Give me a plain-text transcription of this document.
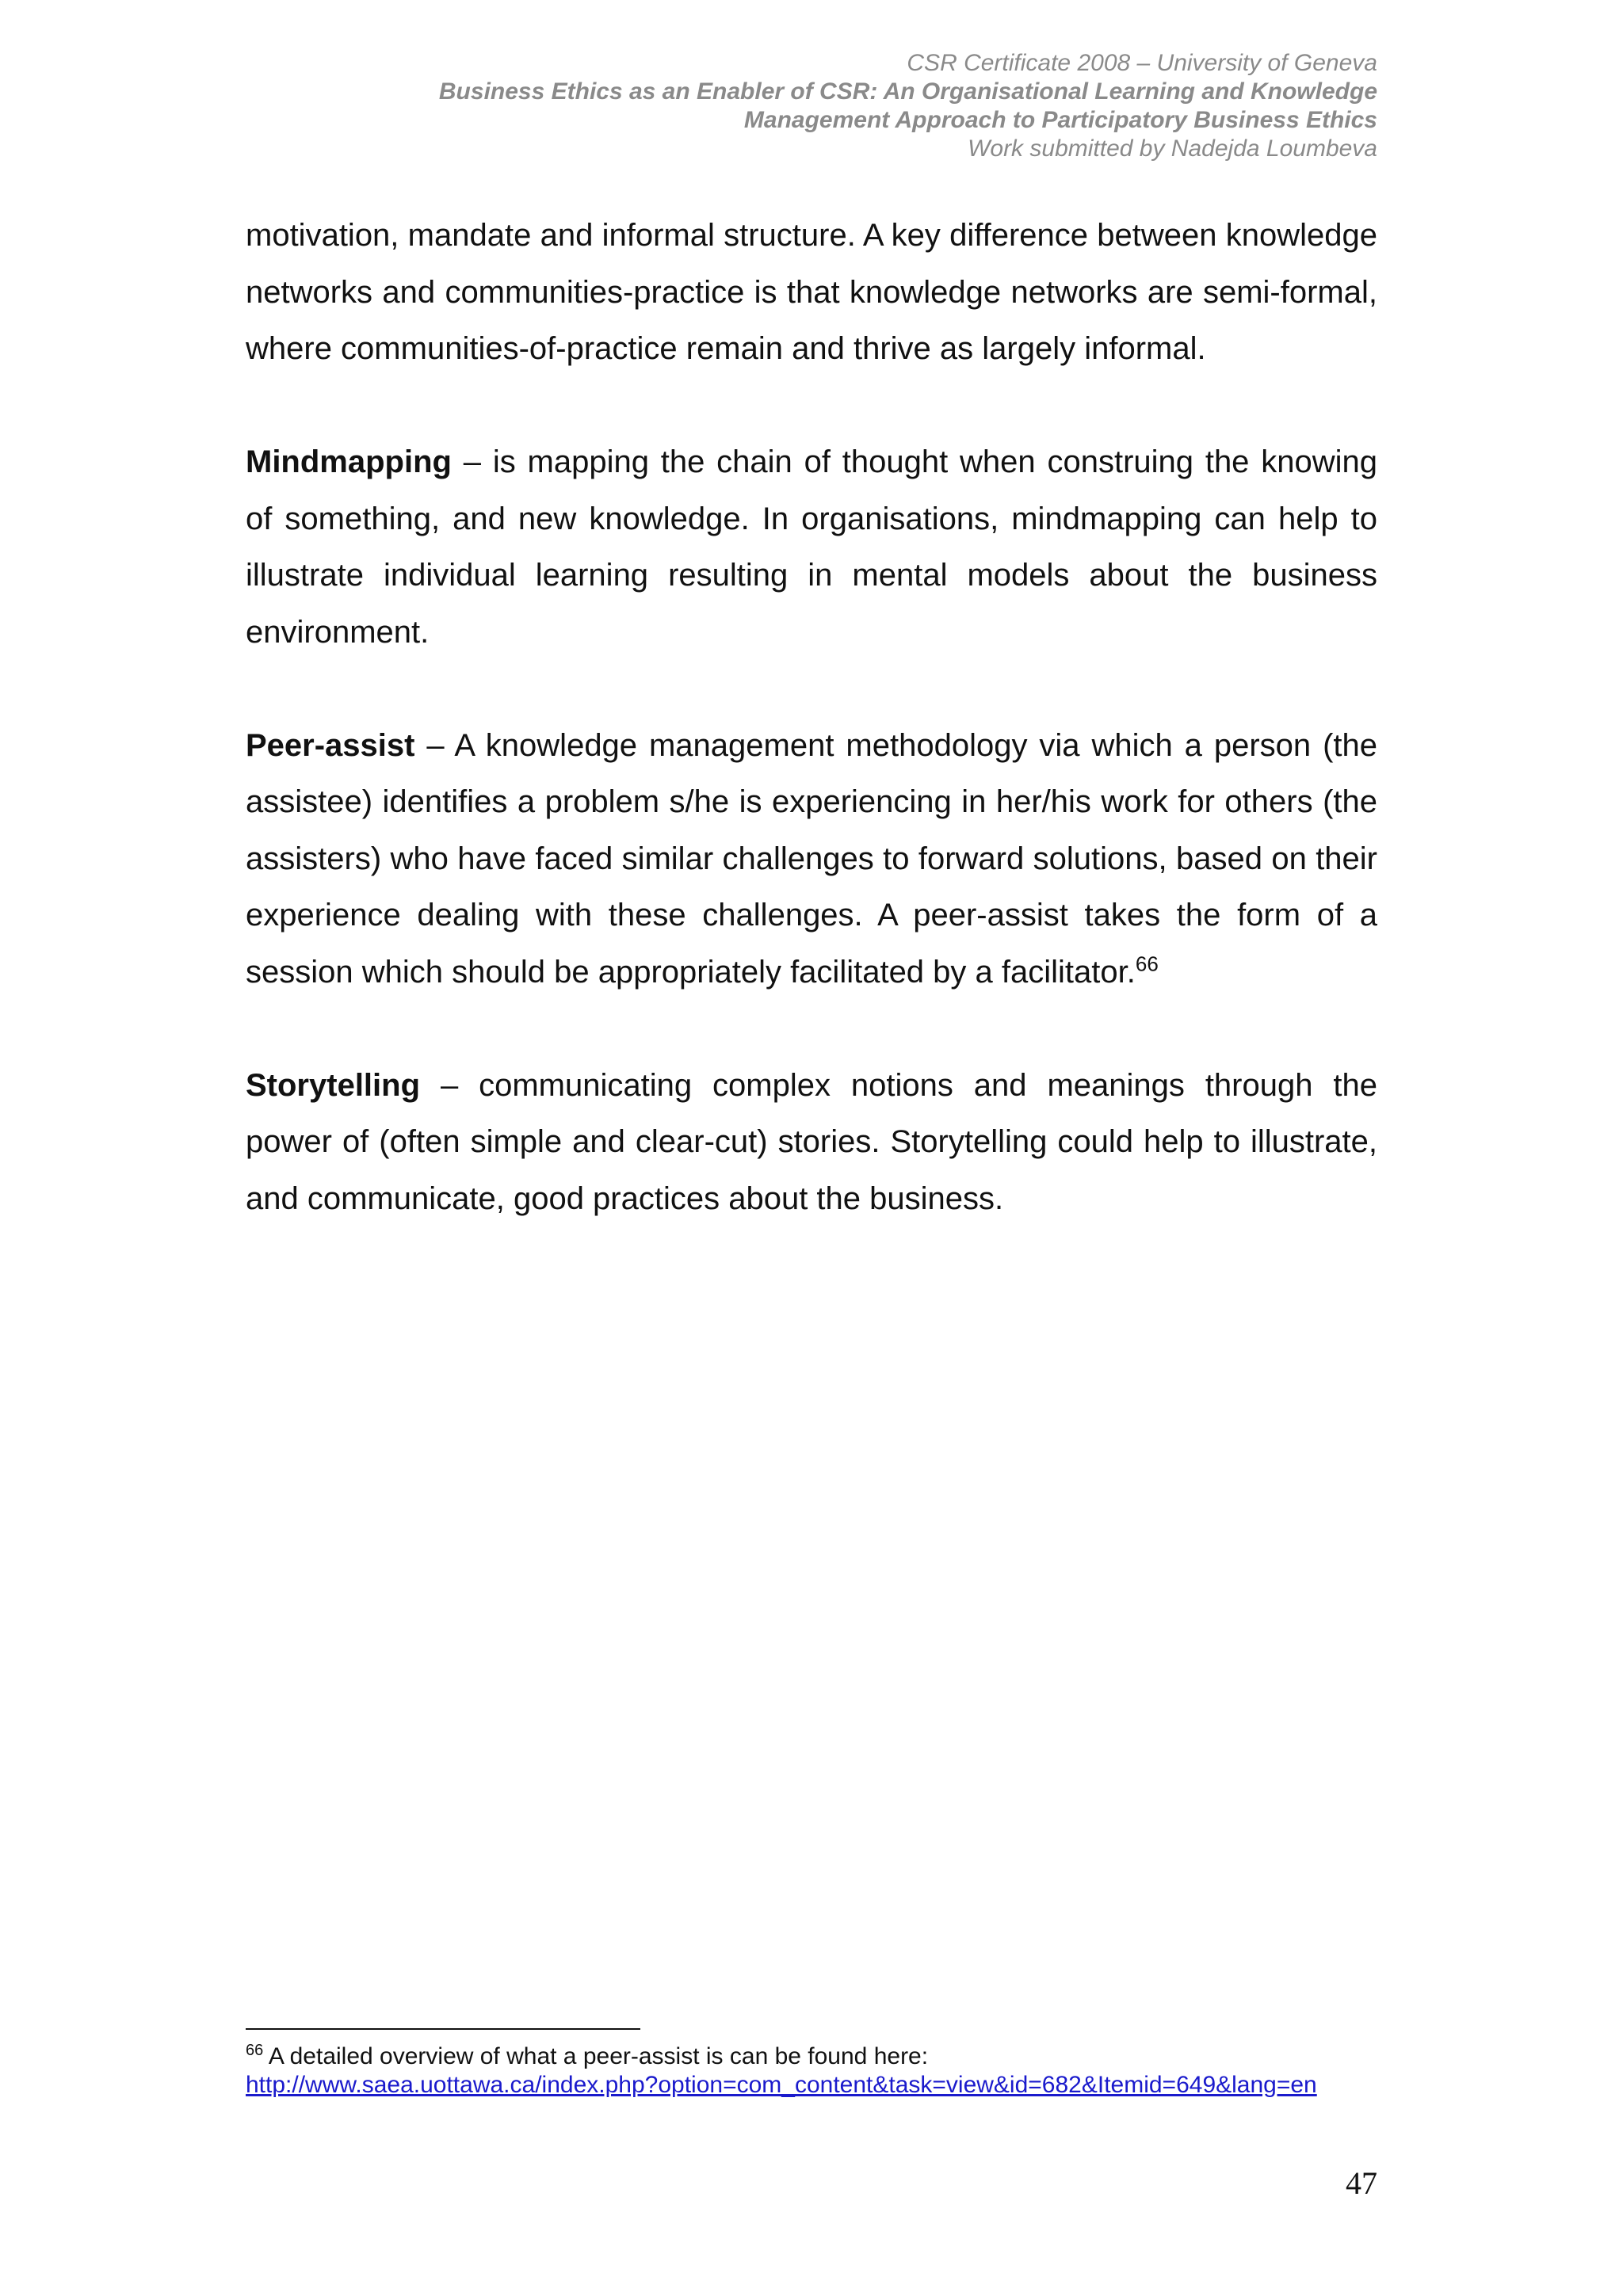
CSR Certificate 2008 – University of Geneva
Business Ethics as an Enabler of CSR: An Organisational Learning and Knowledge
Management Approach to Participatory Business Ethics
Work submitted by Nadejda Loumbeva

motivation, mandate and informal structure. A key difference between knowledge networks and communities-practice is that knowledge networks are semi-formal, where communities-of-practice remain and thrive as largely informal.

Mindmapping – is mapping the chain of thought when construing the knowing of something, and new knowledge. In organisations, mindmapping can help to illustrate individual learning resulting in mental models about the business environment.

Peer-assist – A knowledge management methodology via which a person (the assistee) identifies a problem s/he is experiencing in her/his work for others (the assisters) who have faced similar challenges to forward solutions, based on their experience dealing with these challenges. A peer-assist takes the form of a session which should be appropriately facilitated by a facilitator.$^{66}$

Storytelling – communicating complex notions and meanings through the power of (often simple and clear-cut) stories. Storytelling could help to illustrate, and communicate, good practices about the business.

$^{66}$ A detailed overview of what a peer-assist is can be found here:
http://www.saea.uottawa.ca/index.php?option=com_content&task=view&id=682&Itemid=649&lang=en
47
